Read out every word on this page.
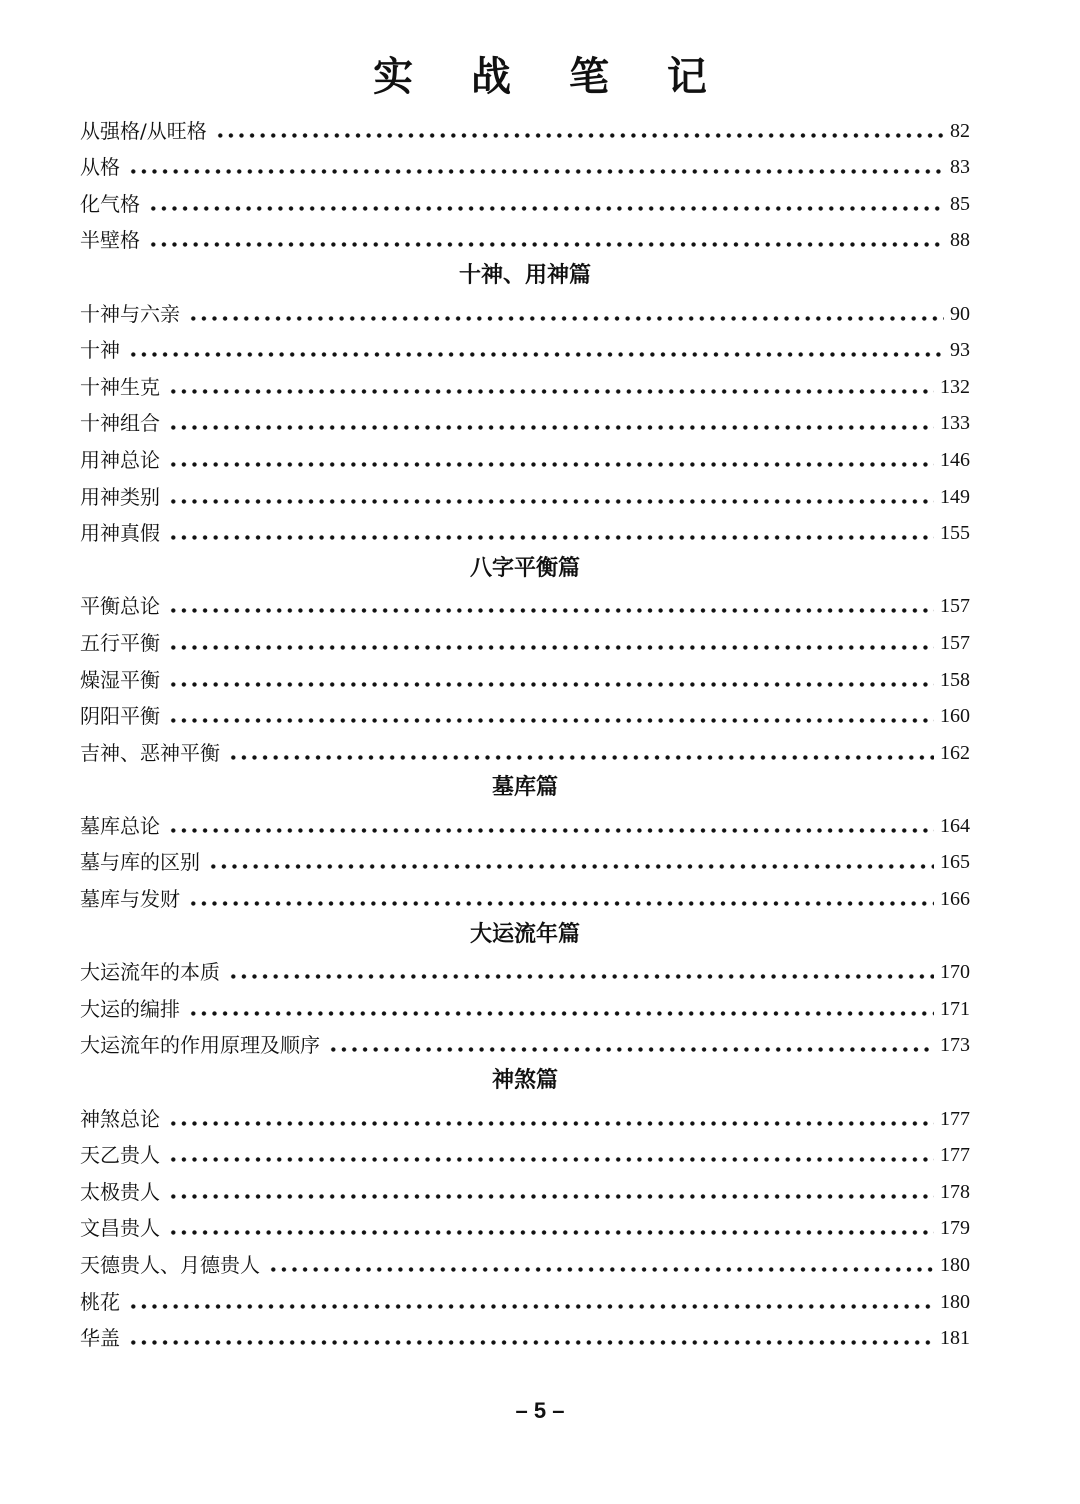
实 战 笔 记
从强格/从旺格	82
从格	83
化气格	85
半壁格	88
十神、用神篇
十神与六亲	90
十神	93
十神生克	132
十神组合	133
用神总论	146
用神类别	149
用神真假	155
八字平衡篇
平衡总论	157
五行平衡	157
燥湿平衡	158
阴阳平衡	160
吉神、恶神平衡	162
墓库篇
墓库总论	164
墓与库的区别	165
墓库与发财	166
大运流年篇
大运流年的本质	170
大运的编排	171
大运流年的作用原理及顺序	173
神煞篇
神煞总论	177
天乙贵人	177
太极贵人	178
文昌贵人	179
天德贵人、月德贵人	180
桃花	180
华盖	181
– 5 –
